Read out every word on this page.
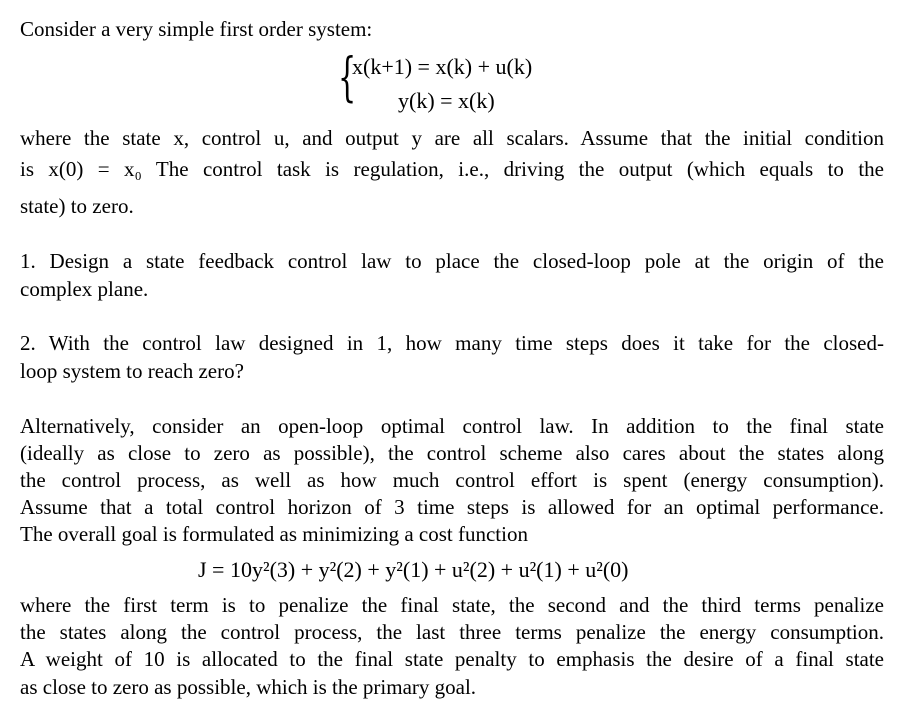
Consider a very simple first order system:
{
x(k+1) = x(k) + u(k)
y(k) = x(k)
where the state x, control u, and output y are all scalars. Assume that the initial condition
is x(0) = x₀ The control task is regulation, i.e., driving the output (which equals to the
state) to zero.
1. Design a state feedback control law to place the closed-loop pole at the origin of the
complex plane.
2. With the control law designed in 1, how many time steps does it take for the closed-
loop system to reach zero?
Alternatively, consider an open-loop optimal control law. In addition to the final state
(ideally as close to zero as possible), the control scheme also cares about the states along
the control process, as well as how much control effort is spent (energy consumption).
Assume that a total control horizon of 3 time steps is allowed for an optimal performance.
The overall goal is formulated as minimizing a cost function
J = 10y²(3) + y²(2) + y²(1) + u²(2) + u²(1) + u²(0)
where the first term is to penalize the final state, the second and the third terms penalize
the states along the control process, the last three terms penalize the energy consumption.
A weight of 10 is allocated to the final state penalty to emphasis the desire of a final state
as close to zero as possible, which is the primary goal.
